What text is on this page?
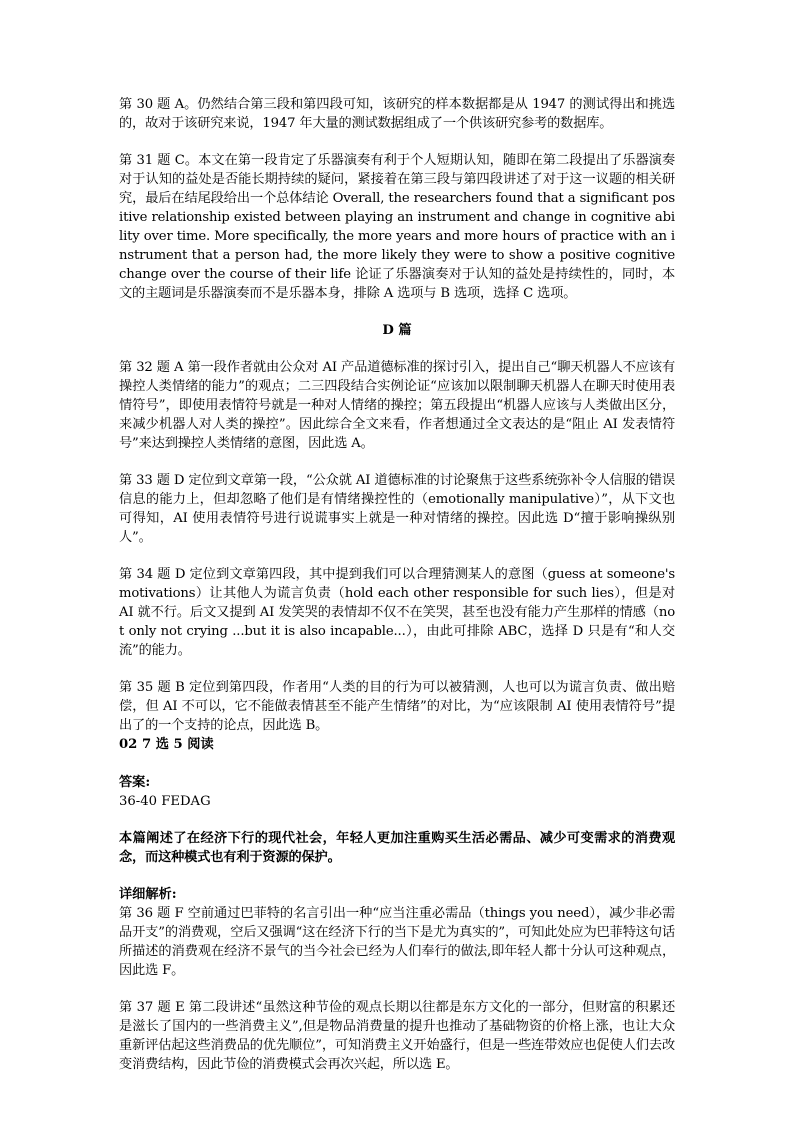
第 30 题 A。仍然结合第三段和第四段可知，该研究的样本数据都是从 1947 的测试得出和挑选的，故对于该研究来说，1947 年大量的测试数据组成了一个供该研究参考的数据库。

第 31 题 C。本文在第一段肯定了乐器演奏有利于个人短期认知，随即在第二段提出了乐器演奏对于认知的益处是否能长期持续的疑问，紧接着在第三段与第四段讲述了对于这一议题的相关研究，最后在结尾段给出一个总体结论 Overall, the researchers found that a significant positive relationship existed between playing an instrument and change in cognitive ability over time. More specifically, the more years and more hours of practice with an instrument that a person had, the more likely they were to show a positive cognitive change over the course of their life 论证了乐器演奏对于认知的益处是持续性的，同时，本文的主题词是乐器演奏而不是乐器本身，排除 A 选项与 B 选项，选择 C 选项。

D 篇

第 32 题 A 第一段作者就由公众对 AI 产品道德标准的探讨引入，提出自己“聊天机器人不应该有操控人类情绪的能力”的观点；二三四段结合实例论证“应该加以限制聊天机器人在聊天时使用表情符号”，即使用表情符号就是一种对人情绪的操控；第五段提出“机器人应该与人类做出区分，来减少机器人对人类的操控”。因此综合全文来看，作者想通过全文表达的是“阻止 AI 发表情符号”来达到操控人类情绪的意图，因此选 A。

第 33 题 D 定位到文章第一段，“公众就 AI 道德标准的讨论聚焦于这些系统弥补令人信服的错误信息的能力上，但却忽略了他们是有情绪操控性的（emotionally manipulative）”，从下文也可得知，AI 使用表情符号进行说谎事实上就是一种对情绪的操控。因此选 D“擅于影响操纵别人”。

第 34 题 D 定位到文章第四段，其中提到我们可以合理猜测某人的意图（guess at someone's motivations）让其他人为谎言负责（hold each other responsible for such lies），但是对 AI 就不行。后文又提到 AI 发笑哭的表情却不仅不在笑哭，甚至也没有能力产生那样的情感（not only not crying ...but it is also incapable...），由此可排除 ABC，选择 D 只是有“和人交流”的能力。

第 35 题 B 定位到第四段，作者用“人类的目的行为可以被猜测，人也可以为谎言负责、做出赔偿，但 AI 不可以，它不能做表情甚至不能产生情绪”的对比，为“应该限制 AI 使用表情符号”提出了的一个支持的论点，因此选 B。

02 7 选 5 阅读

答案:

36-40 FEDAG

本篇阐述了在经济下行的现代社会，年轻人更加注重购买生活必需品、减少可变需求的消费观念，而这种模式也有利于资源的保护。

详细解析:

第 36 题 F 空前通过巴菲特的名言引出一种“应当注重必需品（things you need），减少非必需品开支”的消费观，空后又强调“这在经济下行的当下是尤为真实的”，可知此处应为巴菲特这句话所描述的消费观在经济不景气的当今社会已经为人们奉行的做法,即年轻人都十分认可这种观点，因此选 F。

第 37 题 E 第二段讲述“虽然这种节俭的观点长期以往都是东方文化的一部分，但财富的积累还是滋长了国内的一些消费主义”,但是物品消费量的提升也推动了基础物资的价格上涨，也让大众重新评估起这些消费品的优先顺位”，可知消费主义开始盛行，但是一些连带效应也促使人们去改变消费结构，因此节俭的消费模式会再次兴起，所以选 E。
